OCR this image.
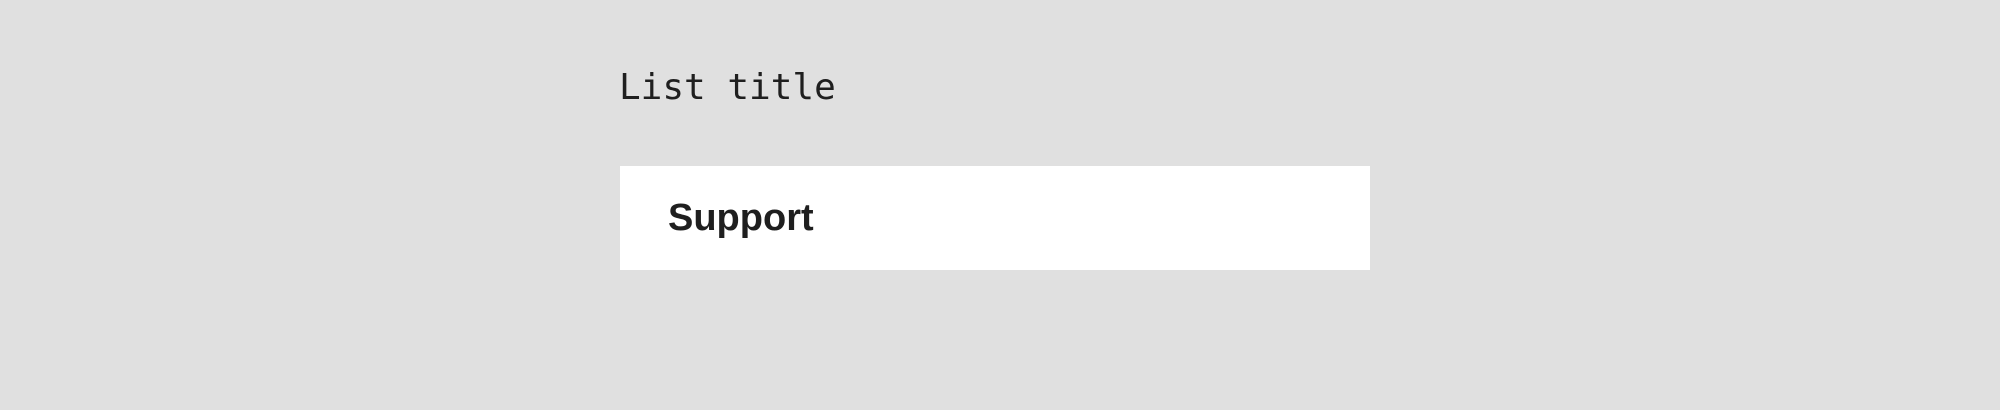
List title
Support
